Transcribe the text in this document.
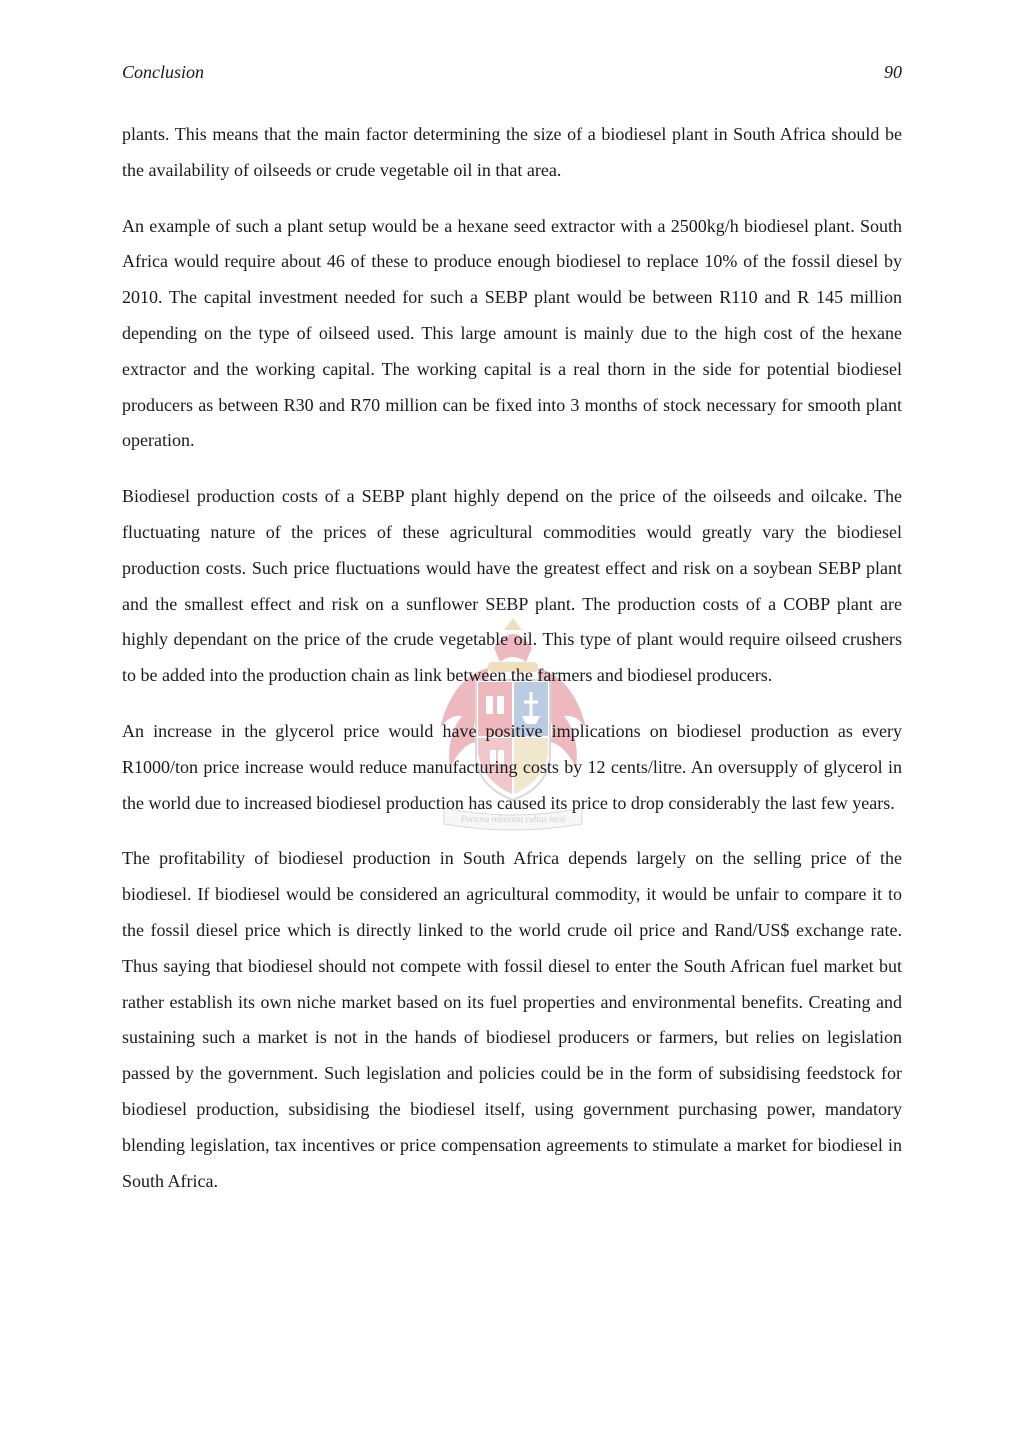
Pectora roborant cultus recti
Conclusion	90

plants. This means that the main factor determining the size of a biodiesel plant in South Africa should be the availability of oilseeds or crude vegetable oil in that area.

An example of such a plant setup would be a hexane seed extractor with a 2500kg/h biodiesel plant. South Africa would require about 46 of these to produce enough biodiesel to replace 10% of the fossil diesel by 2010. The capital investment needed for such a SEBP plant would be between R110 and R 145 million depending on the type of oilseed used. This large amount is mainly due to the high cost of the hexane extractor and the working capital. The working capital is a real thorn in the side for potential biodiesel producers as between R30 and R70 million can be fixed into 3 months of stock necessary for smooth plant operation.

Biodiesel production costs of a SEBP plant highly depend on the price of the oilseeds and oilcake. The fluctuating nature of the prices of these agricultural commodities would greatly vary the biodiesel production costs. Such price fluctuations would have the greatest effect and risk on a soybean SEBP plant and the smallest effect and risk on a sunflower SEBP plant. The production costs of a COBP plant are highly dependant on the price of the crude vegetable oil. This type of plant would require oilseed crushers to be added into the production chain as link between the farmers and biodiesel producers.

An increase in the glycerol price would have positive implications on biodiesel production as every R1000/ton price increase would reduce manufacturing costs by 12 cents/litre. An oversupply of glycerol in the world due to increased biodiesel production has caused its price to drop considerably the last few years.

The profitability of biodiesel production in South Africa depends largely on the selling price of the biodiesel. If biodiesel would be considered an agricultural commodity, it would be unfair to compare it to the fossil diesel price which is directly linked to the world crude oil price and Rand/US$ exchange rate. Thus saying that biodiesel should not compete with fossil diesel to enter the South African fuel market but rather establish its own niche market based on its fuel properties and environmental benefits. Creating and sustaining such a market is not in the hands of biodiesel producers or farmers, but relies on legislation passed by the government. Such legislation and policies could be in the form of subsidising feedstock for biodiesel production, subsidising the biodiesel itself, using government purchasing power, mandatory blending legislation, tax incentives or price compensation agreements to stimulate a market for biodiesel in South Africa.
